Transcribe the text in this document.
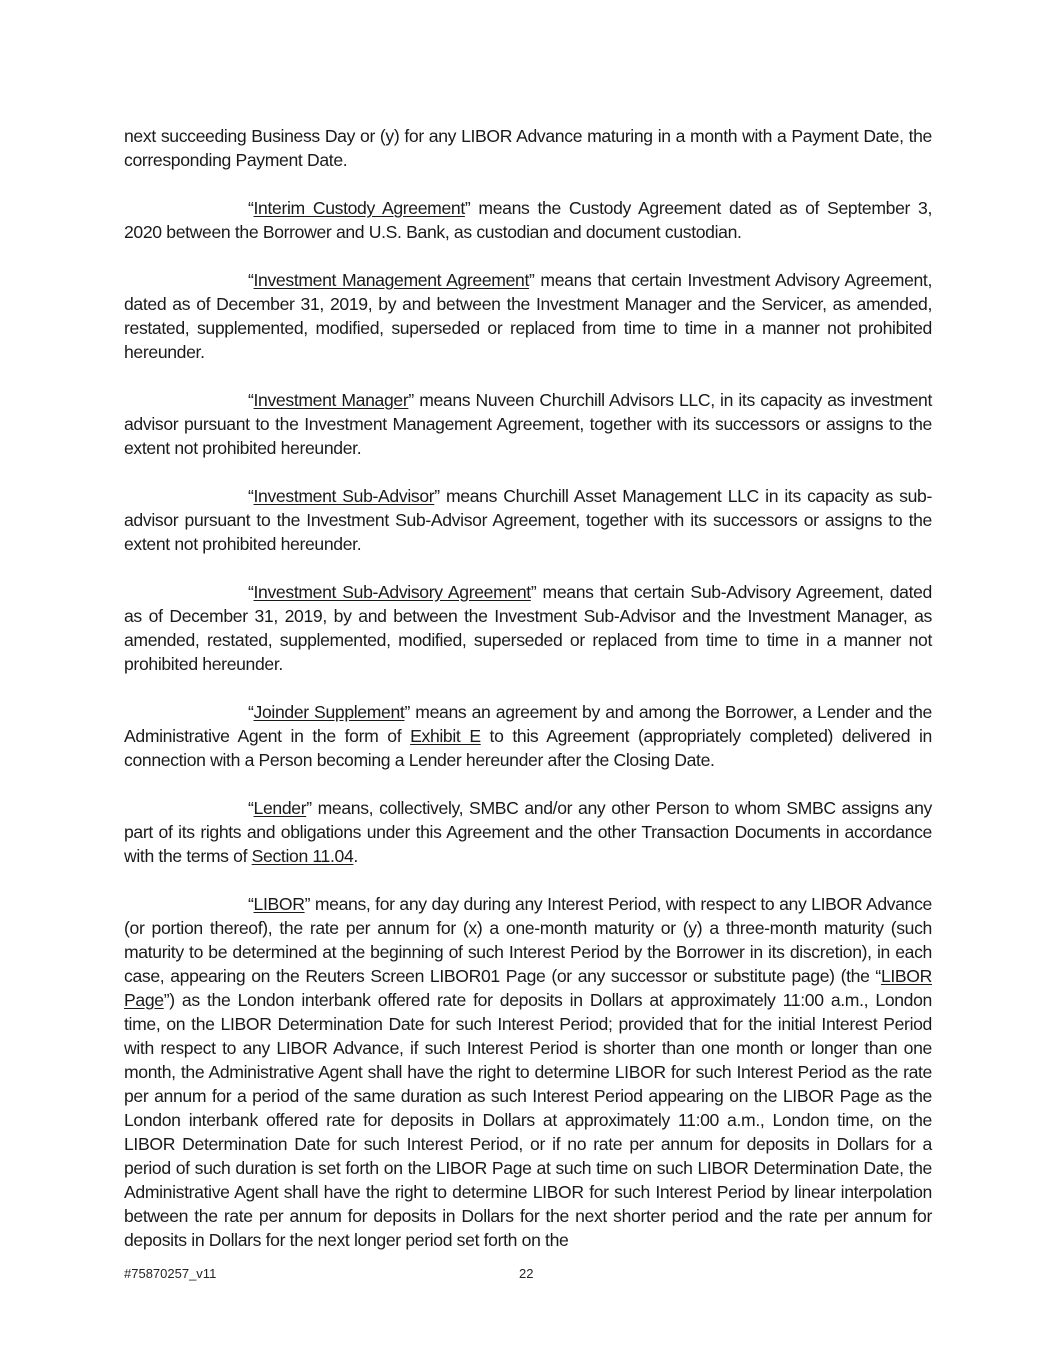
next succeeding Business Day or (y) for any LIBOR Advance maturing in a month with a Payment Date, the corresponding Payment Date.

“Interim Custody Agreement” means the Custody Agreement dated as of September 3, 2020 between the Borrower and U.S. Bank, as custodian and document custodian.

“Investment Management Agreement” means that certain Investment Advisory Agreement, dated as of December 31, 2019, by and between the Investment Manager and the Servicer, as amended, restated, supplemented, modified, superseded or replaced from time to time in a manner not prohibited hereunder.

“Investment Manager” means Nuveen Churchill Advisors LLC, in its capacity as investment advisor pursuant to the Investment Management Agreement, together with its successors or assigns to the extent not prohibited hereunder.

“Investment Sub-Advisor” means Churchill Asset Management LLC in its capacity as sub-advisor pursuant to the Investment Sub-Advisor Agreement, together with its successors or assigns to the extent not prohibited hereunder.

“Investment Sub-Advisory Agreement” means that certain Sub-Advisory Agreement, dated as of December 31, 2019, by and between the Investment Sub-Advisor and the Investment Manager, as amended, restated, supplemented, modified, superseded or replaced from time to time in a manner not prohibited hereunder.

“Joinder Supplement” means an agreement by and among the Borrower, a Lender and the Administrative Agent in the form of Exhibit E to this Agreement (appropriately completed) delivered in connection with a Person becoming a Lender hereunder after the Closing Date.

“Lender” means, collectively, SMBC and/or any other Person to whom SMBC assigns any part of its rights and obligations under this Agreement and the other Transaction Documents in accordance with the terms of Section 11.04.

“LIBOR” means, for any day during any Interest Period, with respect to any LIBOR Advance (or portion thereof), the rate per annum for (x) a one-month maturity or (y) a three-month maturity (such maturity to be determined at the beginning of such Interest Period by the Borrower in its discretion), in each case, appearing on the Reuters Screen LIBOR01 Page (or any successor or substitute page) (the “LIBOR Page”) as the London interbank offered rate for deposits in Dollars at approximately 11:00 a.m., London time, on the LIBOR Determination Date for such Interest Period; provided that for the initial Interest Period with respect to any LIBOR Advance, if such Interest Period is shorter than one month or longer than one month, the Administrative Agent shall have the right to determine LIBOR for such Interest Period as the rate per annum for a period of the same duration as such Interest Period appearing on the LIBOR Page as the London interbank offered rate for deposits in Dollars at approximately 11:00 a.m., London time, on the LIBOR Determination Date for such Interest Period, or if no rate per annum for deposits in Dollars for a period of such duration is set forth on the LIBOR Page at such time on such LIBOR Determination Date, the Administrative Agent shall have the right to determine LIBOR for such Interest Period by linear interpolation between the rate per annum for deposits in Dollars for the next shorter period and the rate per annum for deposits in Dollars for the next longer period set forth on the

#75870257_v11	22
